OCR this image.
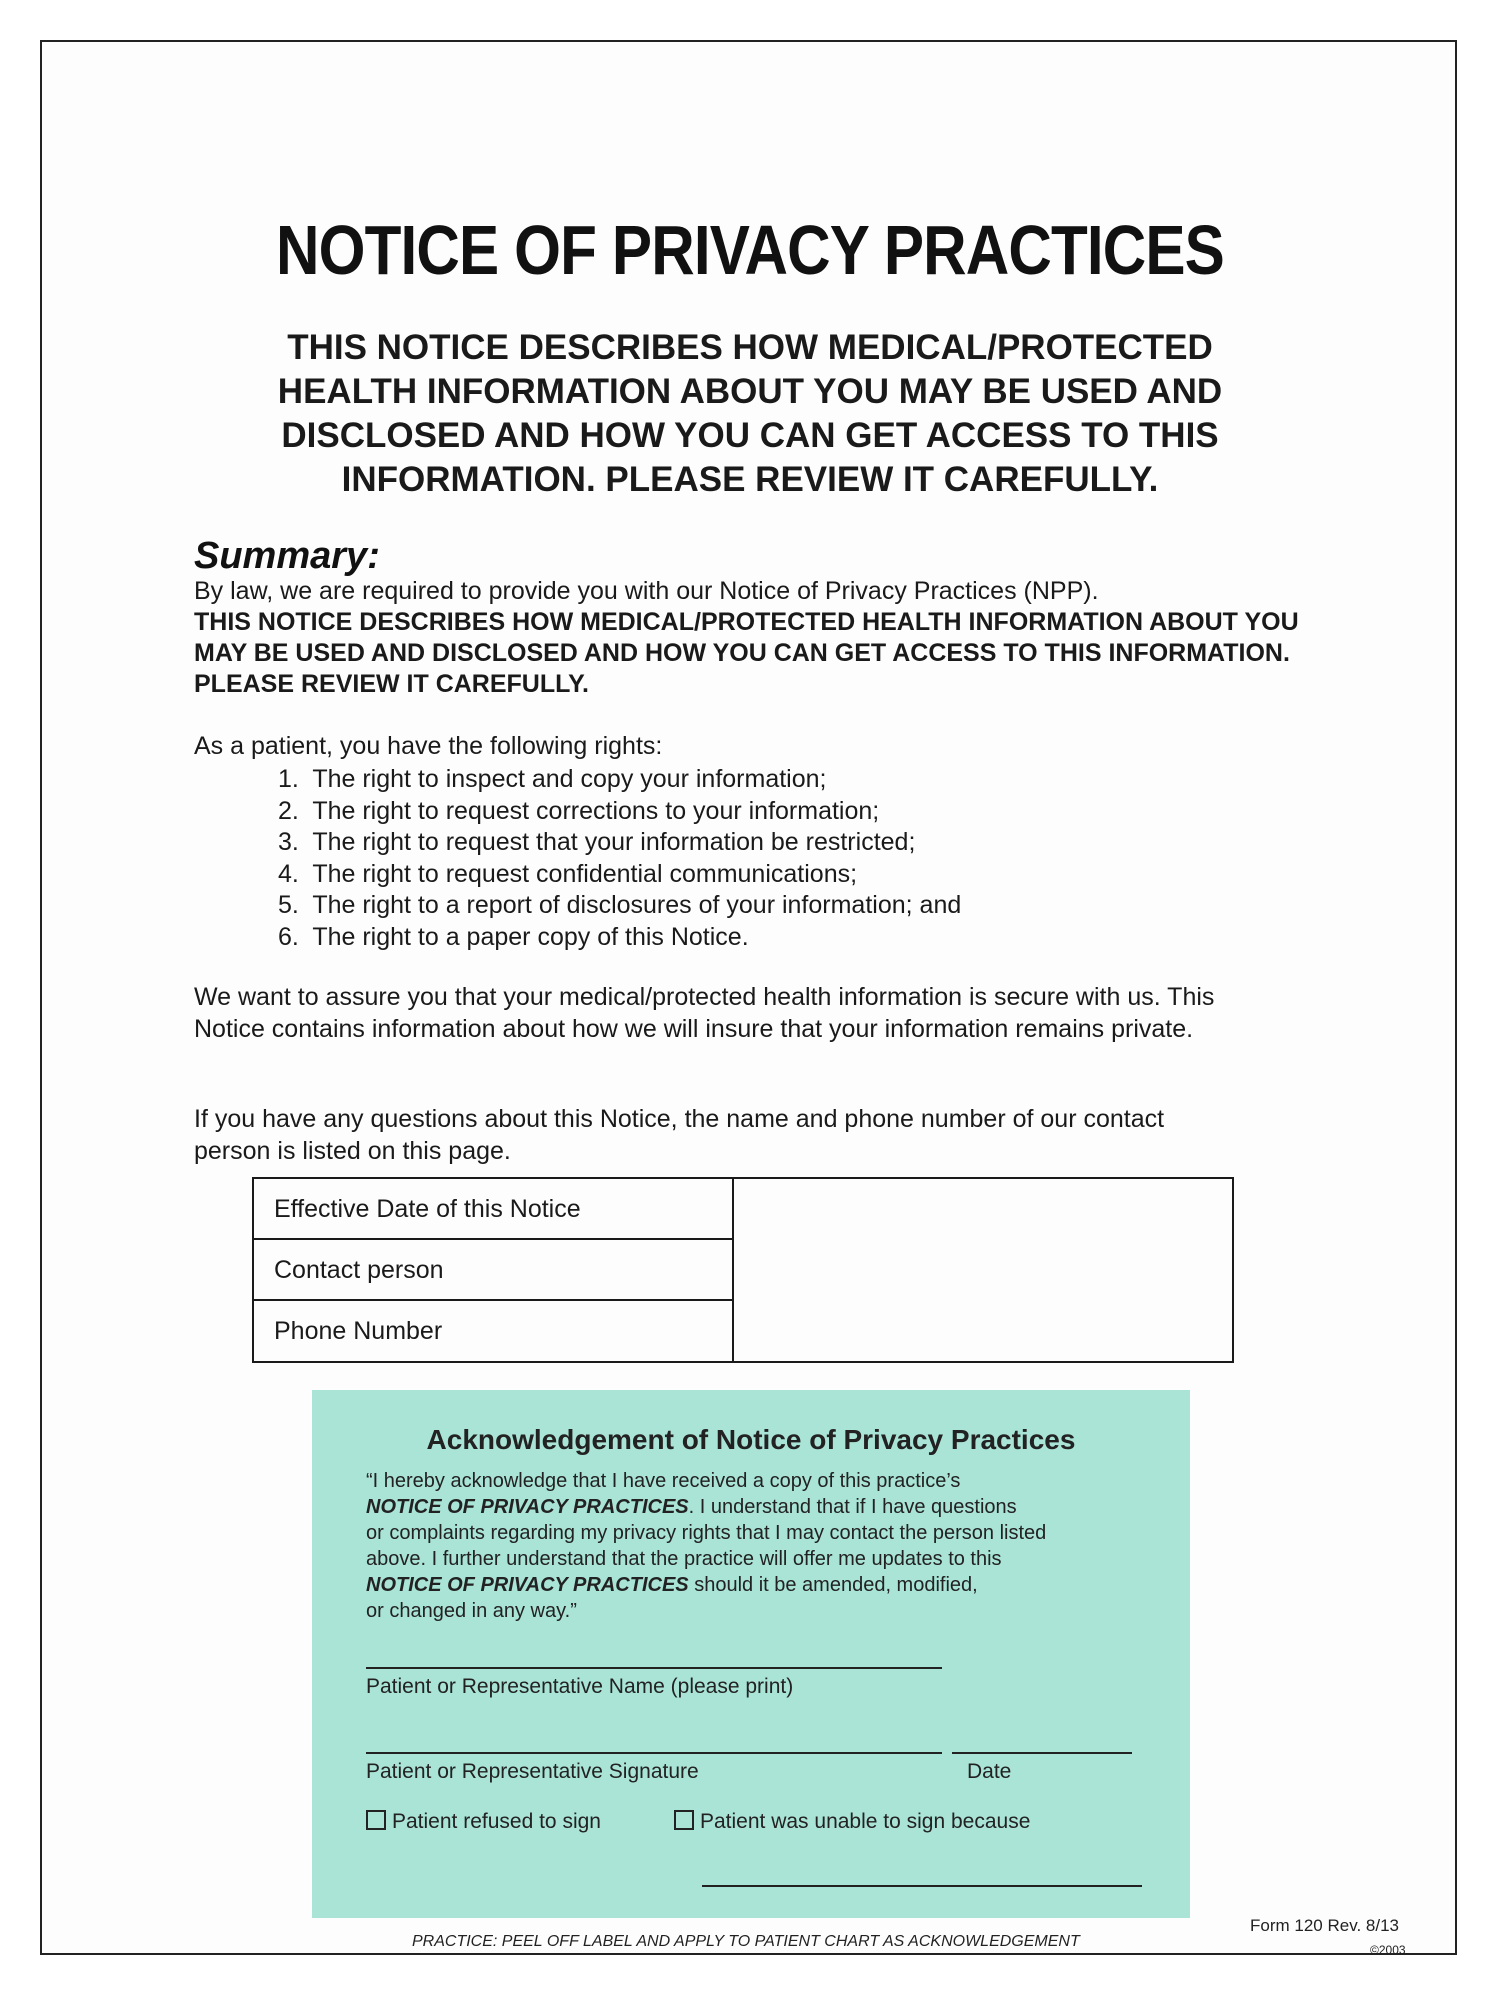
NOTICE OF PRIVACY PRACTICES
THIS NOTICE DESCRIBES HOW MEDICAL/PROTECTED HEALTH INFORMATION ABOUT YOU MAY BE USED AND DISCLOSED AND HOW YOU CAN GET ACCESS TO THIS INFORMATION. PLEASE REVIEW IT CAREFULLY.
Summary:
By law, we are required to provide you with our Notice of Privacy Practices (NPP).
THIS NOTICE DESCRIBES HOW MEDICAL/PROTECTED HEALTH INFORMATION ABOUT YOU MAY BE USED AND DISCLOSED AND HOW YOU CAN GET ACCESS TO THIS INFORMATION. PLEASE REVIEW IT CAREFULLY.
As a patient, you have the following rights:
1. The right to inspect and copy your information;
2. The right to request corrections to your information;
3. The right to request that your information be restricted;
4. The right to request confidential communications;
5. The right to a report of disclosures of your information; and
6. The right to a paper copy of this Notice.
We want to assure you that your medical/protected health information is secure with us. This Notice contains information about how we will insure that your information remains private.
If you have any questions about this Notice, the name and phone number of our contact person is listed on this page.
Effective Date of this Notice
Contact person
Phone Number
Acknowledgement of Notice of Privacy Practices
“I hereby acknowledge that I have received a copy of this practice’s
NOTICE OF PRIVACY PRACTICES. I understand that if I have questions
or complaints regarding my privacy rights that I may contact the person listed
above. I further understand that the practice will offer me updates to this
NOTICE OF PRIVACY PRACTICES should it be amended, modified,
or changed in any way.”
Patient or Representative Name (please print)
Patient or Representative Signature	Date
Patient refused to sign	Patient was unable to sign because
PRACTICE: PEEL OFF LABEL AND APPLY TO PATIENT CHART AS ACKNOWLEDGEMENT
Form 120 Rev. 8/13
©2003
